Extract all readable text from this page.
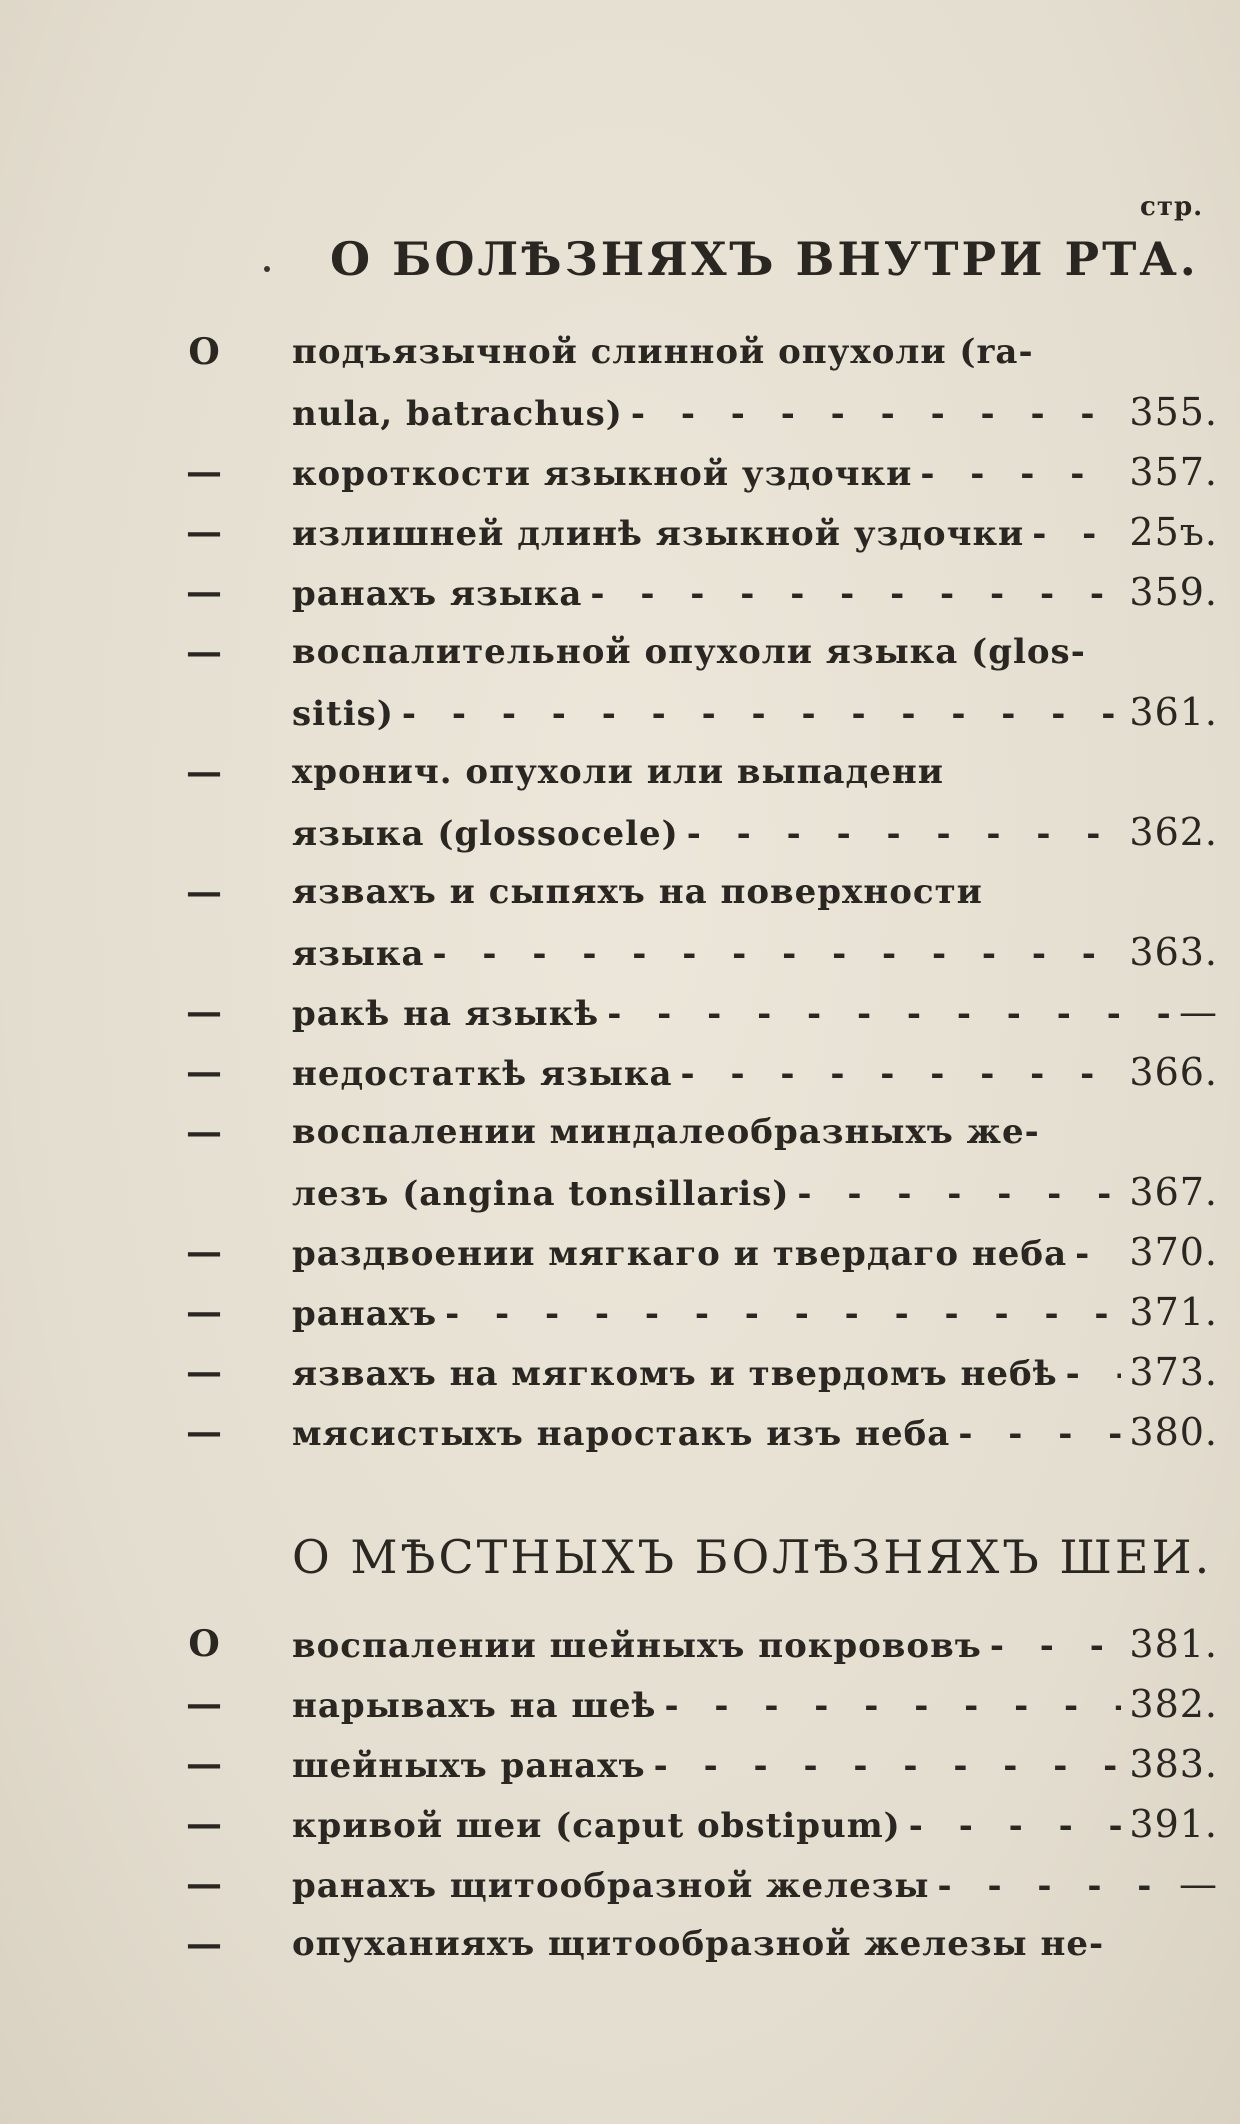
стр.
О БОЛѢЗНЯХЪ ВНУТРИ РТА.
О МѢСТНЫХЪ БОЛѢЗНЯХЪ ШЕИ.
О подъязычной слинной опухоли (ra-
nula, batrachus) - - -	355.
— короткости языкной уздочки - - -	357.
— излишней длинѣ языкной уздочки - - -	25ъ.
— ранахъ языка - - -	359.
— воспалительной опухоли языка (glos-
sitis) - - -	361.
— хронич. опухоли или выпадени
языка (glossocele) - - -	362.
— язвахъ и сыпяхъ на поверхности
языка - - -	363.
— ракѣ на языкѣ - - -	—
— недостаткѣ языка - - -	366.
— воспалении миндалеобразныхъ же-
лезъ (angina tonsillaris) - - -	367.
— раздвоении мягкаго и твердаго неба - - - 370.
— ранахъ - - -	371.
— язвахъ на мягкомъ и твердомъ небѣ - - - 373.
— мясистыхъ наростакъ изъ неба - - -	380.
О воспалении шейныхъ покрововъ - - -	381.
— нарывахъ на шеѣ - - -	382.
— шейныхъ ранахъ - - -	383.
— кривой шеи (caput obstipum) - - -	391.
— ранахъ щитообразной железы - - -	—
— опуханияхъ щитообразной железы не-
